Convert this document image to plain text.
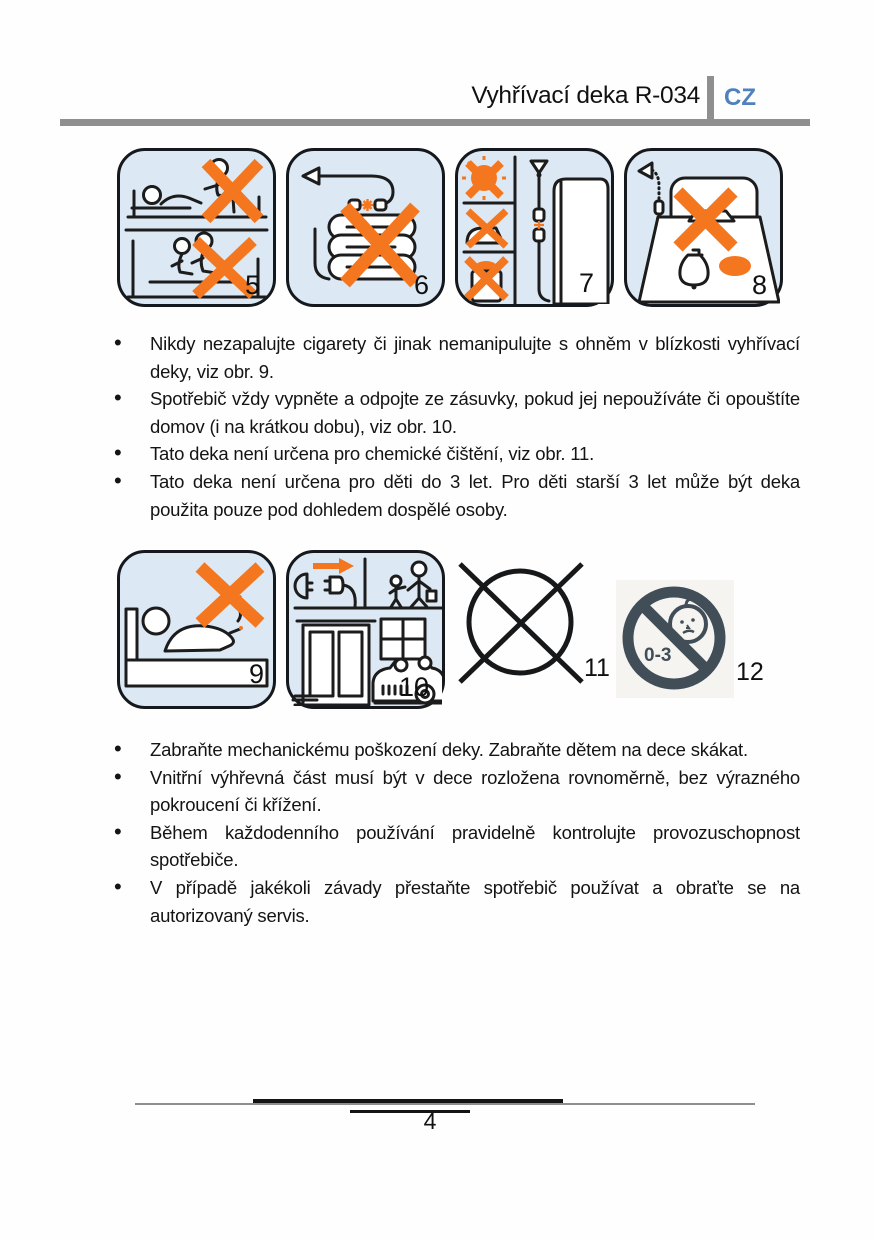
Vyhřívací deka R-034 CZ
5	6	7	8
• Nikdy nezapalujte cigarety či jinak nemanipulujte s ohněm v blízkosti vyhřívací deky, viz obr. 9.
• Spotřebič vždy vypněte a odpojte ze zásuvky, pokud jej nepoužíváte či opouštíte domov (i na krátkou dobu), viz obr. 10.
• Tato deka není určena pro chemické čištění, viz obr. 11.
• Tato deka není určena pro děti do 3 let. Pro děti starší 3 let může být deka použita pouze pod dohledem dospělé osoby.
9	10
11 0-3
12
• Zabraňte mechanickému poškození deky. Zabraňte dětem na dece skákat.
• Vnitřní výhřevná část musí být v dece rozložena rovnoměrně, bez výrazného pokroucení či křížení.
• Během každodenního používání pravidelně kontrolujte provozuschopnost spotřebiče.
• V případě jakékoli závady přestaňte spotřebič používat a obraťte se na autorizovaný servis.
4
